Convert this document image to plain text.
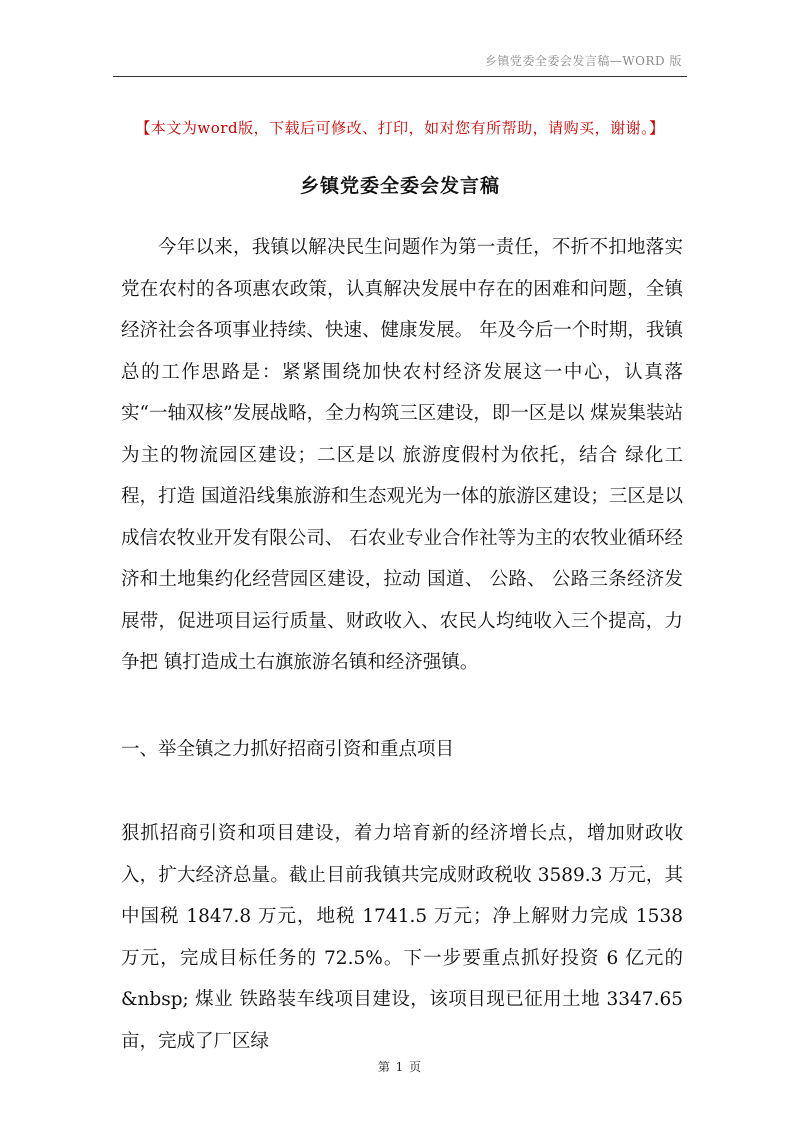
乡镇党委全委会发言稿—WORD 版
【本文为word版，下载后可修改、打印，如对您有所帮助，请购买，谢谢。】
乡镇党委全委会发言稿

今年以来，我镇以解决民生问题作为第一责任，不折不扣地落实党在农村的各项惠农政策，认真解决发展中存在的困难和问题，全镇经济社会各项事业持续、快速、健康发展。 年及今后一个时期，我镇总的工作思路是：紧紧围绕加快农村经济发展这一中心，认真落实“一轴双核”发展战略，全力构筑三区建设，即一区是以 煤炭集装站为主的物流园区建设；二区是以 旅游度假村为依托，结合 绿化工程，打造 国道沿线集旅游和生态观光为一体的旅游区建设；三区是以 成信农牧业开发有限公司、 石农业专业合作社等为主的农牧业循环经济和土地集约化经营园区建设，拉动 国道、 公路、 公路三条经济发展带，促进项目运行质量、财政收入、农民人均纯收入三个提高，力争把 镇打造成土右旗旅游名镇和经济强镇。

一、举全镇之力抓好招商引资和重点项目

狠抓招商引资和项目建设，着力培育新的经济增长点，增加财政收入，扩大经济总量。截止目前我镇共完成财政税收 3589.3 万元，其中国税 1847.8 万元，地税 1741.5 万元；净上解财力完成 1538 万元，完成目标任务的 72.5%。下一步要重点抓好投资 6 亿元的&nbsp; 煤业 铁路装车线项目建设，该项目现已征用土地 3347.65 亩，完成了厂区绿

第 1 页
